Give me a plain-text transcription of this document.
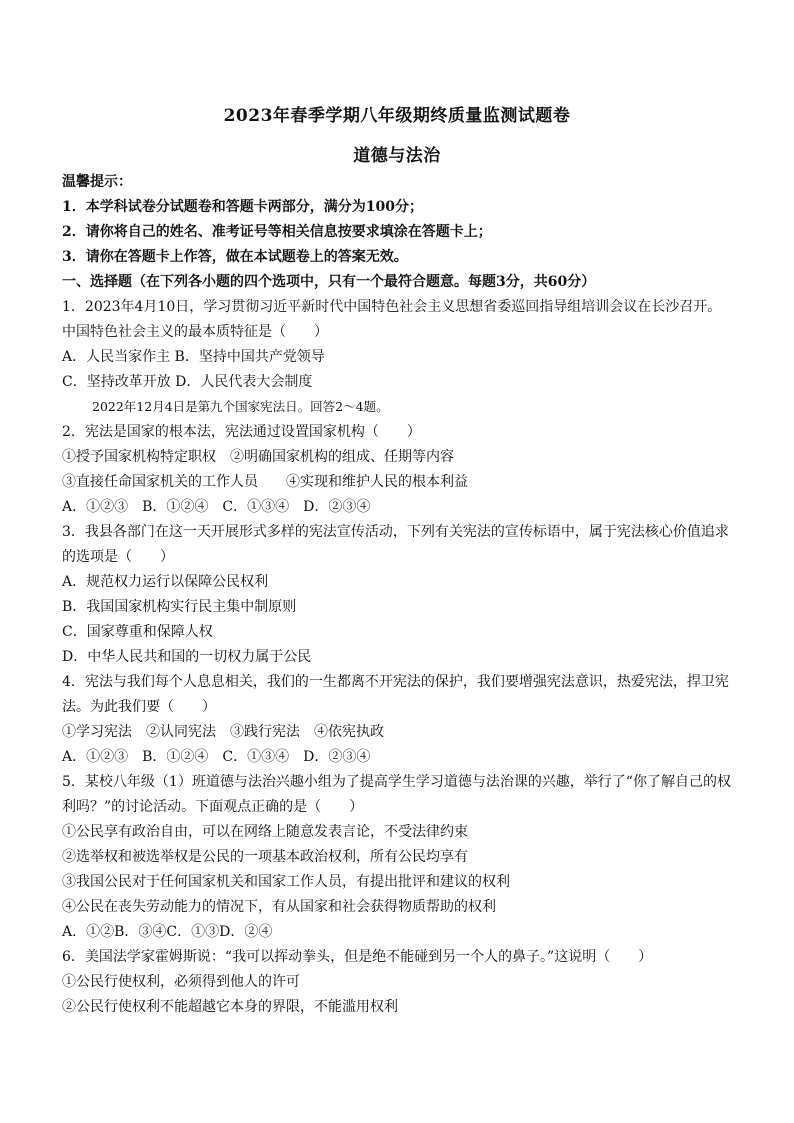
2023年春季学期八年级期终质量监测试题卷
道德与法治
温馨提示：
1．本学科试卷分试题卷和答题卡两部分，满分为100分；
2．请你将自己的姓名、准考证号等相关信息按要求填涂在答题卡上；
3．请你在答题卡上作答，做在本试题卷上的答案无效。
一、选择题（在下列各小题的四个选项中，只有一个最符合题意。每题3分，共60分）
1．2023年4月10日，学习贯彻习近平新时代中国特色社会主义思想省委巡回指导组培训会议在长沙召开。
中国特色社会主义的最本质特征是（　　）
A．人民当家作主 B．坚持中国共产党领导
C．坚持改革开放 D．人民代表大会制度
2022年12月4日是第九个国家宪法日。回答2～4题。
2．宪法是国家的根本法，宪法通过设置国家机构（　　）
①授予国家机构特定职权　②明确国家机构的组成、任期等内容
③直接任命国家机关的工作人员　　④实现和维护人民的根本利益
A．①②③　B．①②④　C．①③④　D．②③④
3．我县各部门在这一天开展形式多样的宪法宣传活动，下列有关宪法的宣传标语中，属于宪法核心价值追求
的选项是（　　）
A．规范权力运行以保障公民权利
B．我国国家机构实行民主集中制原则
C．国家尊重和保障人权
D．中华人民共和国的一切权力属于公民
4．宪法与我们每个人息息相关，我们的一生都离不开宪法的保护，我们要增强宪法意识，热爱宪法，捍卫宪
法。为此我们要（　　）
①学习宪法　②认同宪法　③践行宪法　④依宪执政
A．①②③　B．①②④　C．①③④　D．②③④
5．某校八年级（1）班道德与法治兴趣小组为了提高学生学习道德与法治课的兴趣，举行了“你了解自己的权
利吗？”的讨论活动。下面观点正确的是（　　）
①公民享有政治自由，可以在网络上随意发表言论，不受法律约束
②选举权和被选举权是公民的一项基本政治权利，所有公民均享有
③我国公民对于任何国家机关和国家工作人员，有提出批评和建议的权利
④公民在丧失劳动能力的情况下，有从国家和社会获得物质帮助的权利
A．①②B．③④C．①③D．②④
6．美国法学家霍姆斯说：“我可以挥动拳头，但是绝不能碰到另一个人的鼻子。”这说明（　　）
①公民行使权利，必须得到他人的许可
②公民行使权利不能超越它本身的界限，不能滥用权利
